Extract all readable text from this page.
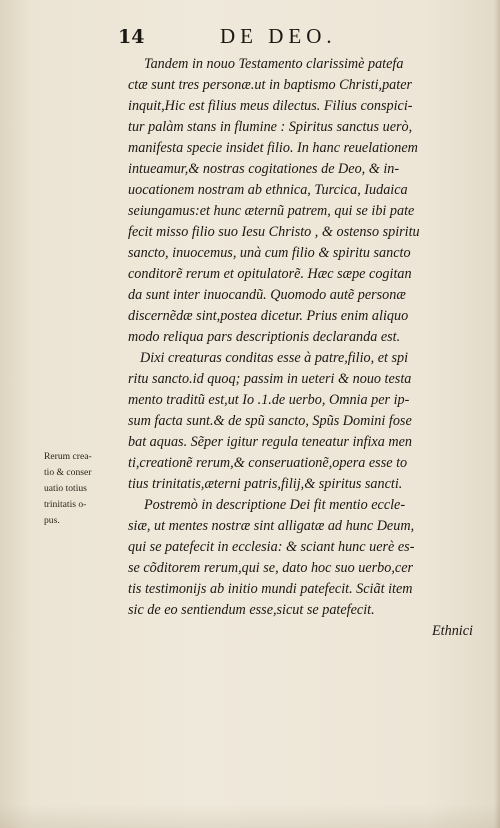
14	DE DEO.
Tandem in nouo Testamento clarissimè patefa
ctæ sunt tres personæ.ut in baptismo Christi,pater
inquit,Hic est filius meus dilectus. Filius conspici-
tur palàm stans in flumine : Spiritus sanctus uerò,
manifesta specie insidet filio. In hanc reuelationem
intueamur,& nostras cogitationes de Deo, & in-
uocationem nostram ab ethnica, Turcica, Iudaica
seiungamus:et hunc æternũ patrem, qui se ibi pate
fecit misso filio suo Iesu Christo , & ostenso spiritu
sancto, inuocemus, unà cum filio & spiritu sancto
conditorẽ rerum et opitulatorẽ. Hæc sæpe cogitan
da sunt inter inuocandũ. Quomodo autẽ personæ
discernẽdæ sint,postea dicetur. Prius enim aliquo
modo reliqua pars descriptionis declaranda est.
Dixi creaturas conditas esse à patre,filio, et spi
ritu sancto.id quoq; passim in ueteri & nouo testa
mento traditũ est,ut Io .1.de uerbo, Omnia per ip-
sum facta sunt.& de spũ sancto, Spũs Domini fose
bat aquas. Sẽper igitur regula teneatur infixa men
ti,creationẽ rerum,& conseruationẽ,opera esse to
tius trinitatis,æterni patris,filij,& spiritus sancti.
Postremò in descriptione Dei fit mentio eccle-
siæ, ut mentes nostræ sint alligatæ ad hunc Deum,
qui se patefecit in ecclesia: & sciant hunc uerè es-
se cõditorem rerum,qui se, dato hoc suo uerbo,cer
tis testimonijs ab initio mundi patefecit. Sciãt item
sic de eo sentiendum esse,sicut se patefecit.
Ethnici
Rerum crea-
tio & conser
uatio totius
trinitatis o-
pus.
